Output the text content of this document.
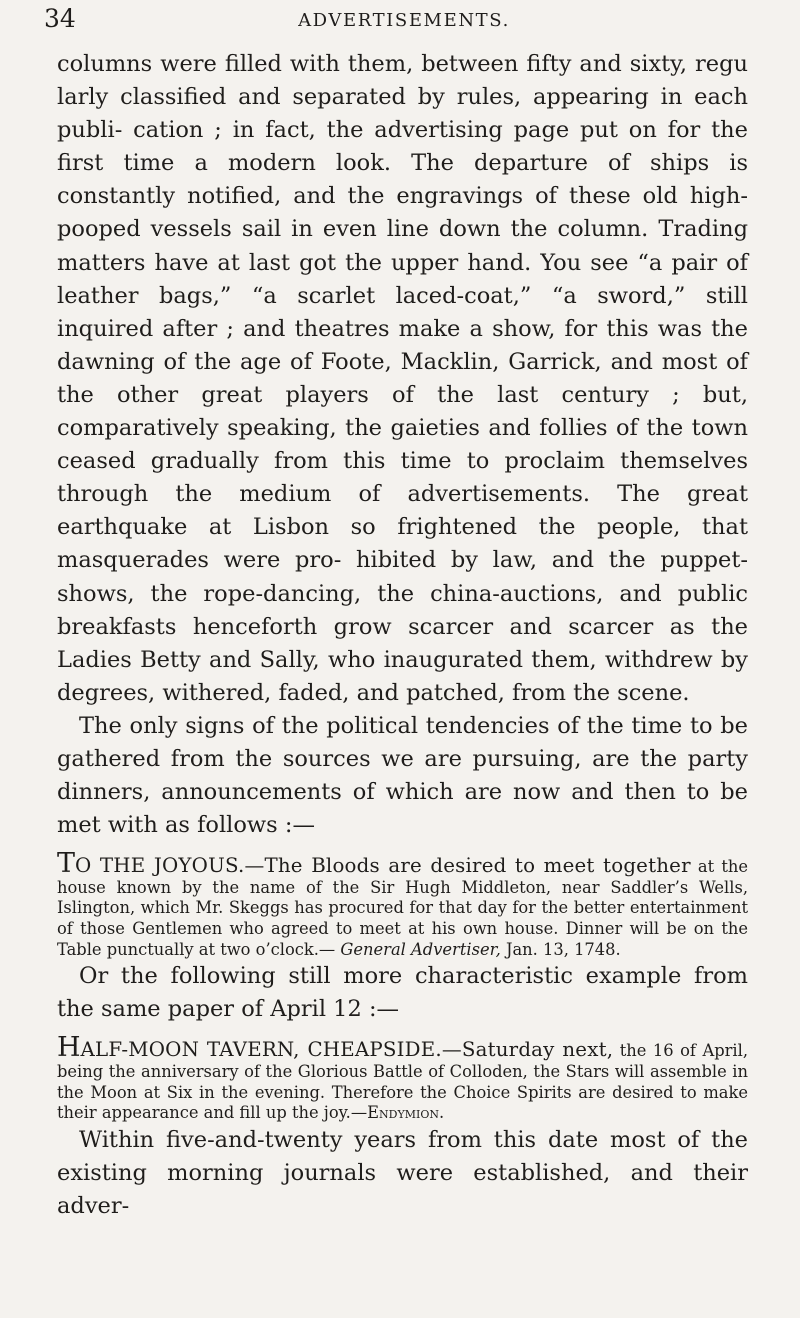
34	ADVERTISEMENTS.

columns were filled with them, between fifty and sixty, regu larly classified and separated by rules, appearing in each publi- cation ; in fact, the advertising page put on for the first time a modern look. The departure of ships is constantly notified, and the engravings of these old high-pooped vessels sail in even line down the column. Trading matters have at last got the upper hand. You see “a pair of leather bags,” “a scarlet laced-coat,” “a sword,” still inquired after ; and theatres make a show, for this was the dawning of the age of Foote, Macklin, Garrick, and most of the other great players of the last century ; but, comparatively speaking, the gaieties and follies of the town ceased gradually from this time to proclaim themselves through the medium of advertisements. The great earthquake at Lisbon so frightened the people, that masquerades were pro- hibited by law, and the puppet-shows, the rope-dancing, the china-auctions, and public breakfasts henceforth grow scarcer and scarcer as the Ladies Betty and Sally, who inaugurated them, withdrew by degrees, withered, faded, and patched, from the scene.

The only signs of the political tendencies of the time to be gathered from the sources we are pursuing, are the party dinners, announcements of which are now and then to be met with as follows :—

TO THE JOYOUS.—The Bloods are desired to meet together at the house known by the name of the Sir Hugh Middleton, near Saddler’s Wells, Islington, which Mr. Skeggs has procured for that day for the better entertainment of those Gentlemen who agreed to meet at his own house. Dinner will be on the Table punctually at two o’clock.— General Advertiser, Jan. 13, 1748.

Or the following still more characteristic example from the same paper of April 12 :—

HALF-MOON TAVERN, CHEAPSIDE.—Saturday next, the 16 of April, being the anniversary of the Glorious Battle of Colloden, the Stars will assemble in the Moon at Six in the evening. Therefore the Choice Spirits are desired to make their appearance and fill up the joy.—Endymion.

Within five-and-twenty years from this date most of the existing morning journals were established, and their adver-
